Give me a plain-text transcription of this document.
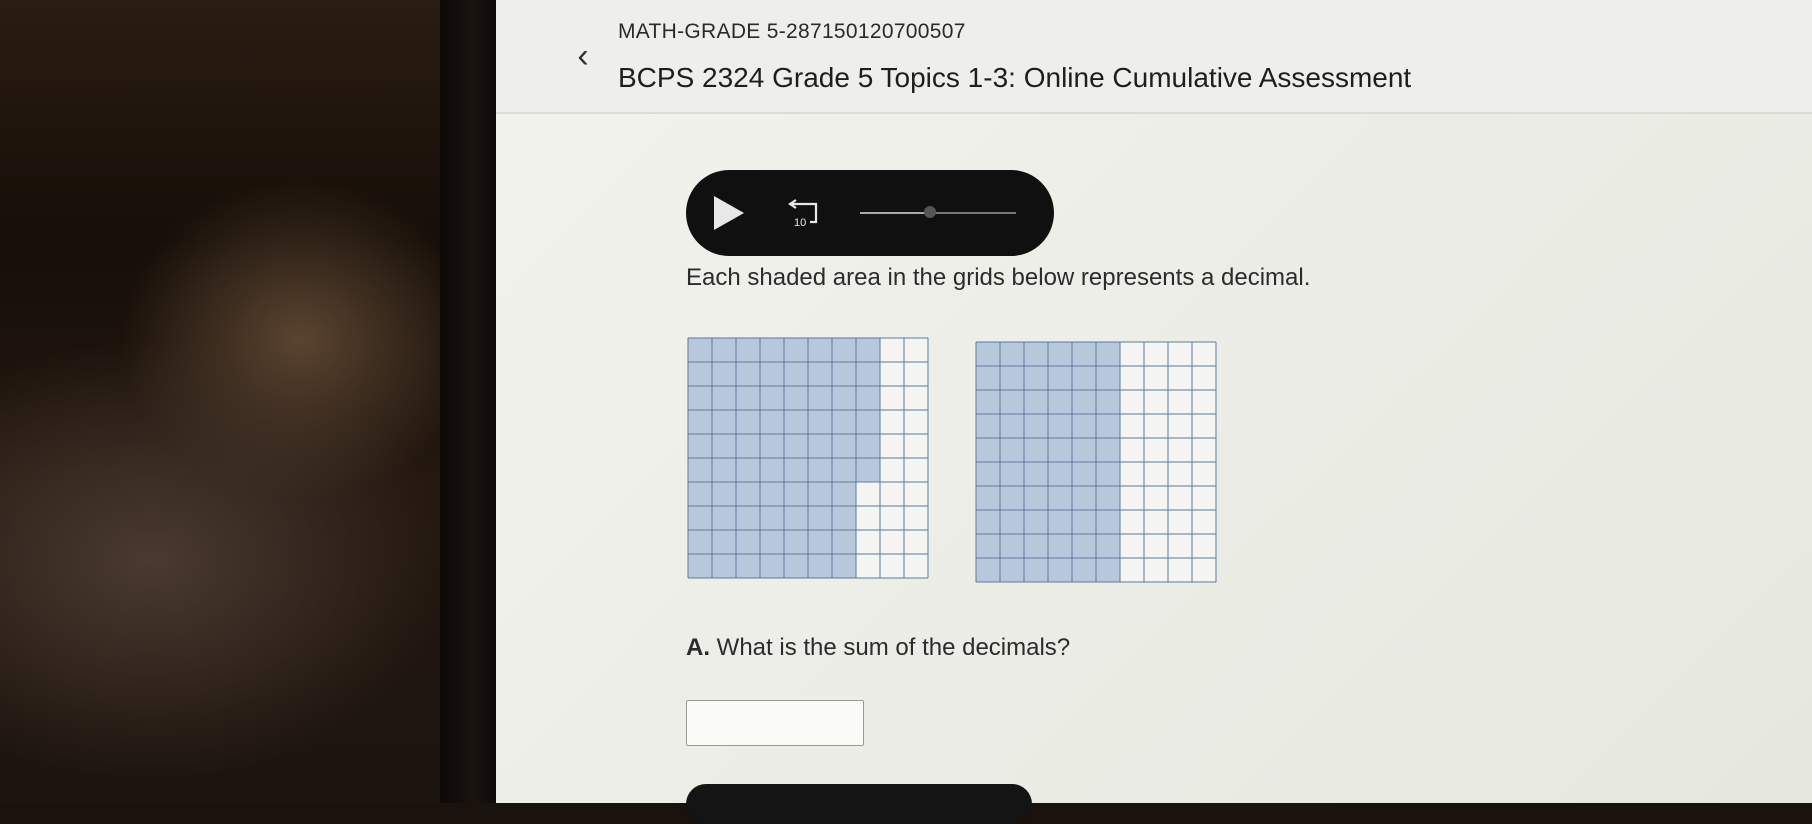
‹
MATH-GRADE 5-287150120700507
BCPS 2324 Grade 5 Topics 1-3: Online Cumulative Assessment
10
Each shaded area in the grids below represents a decimal.
A. What is the sum of the decimals?
